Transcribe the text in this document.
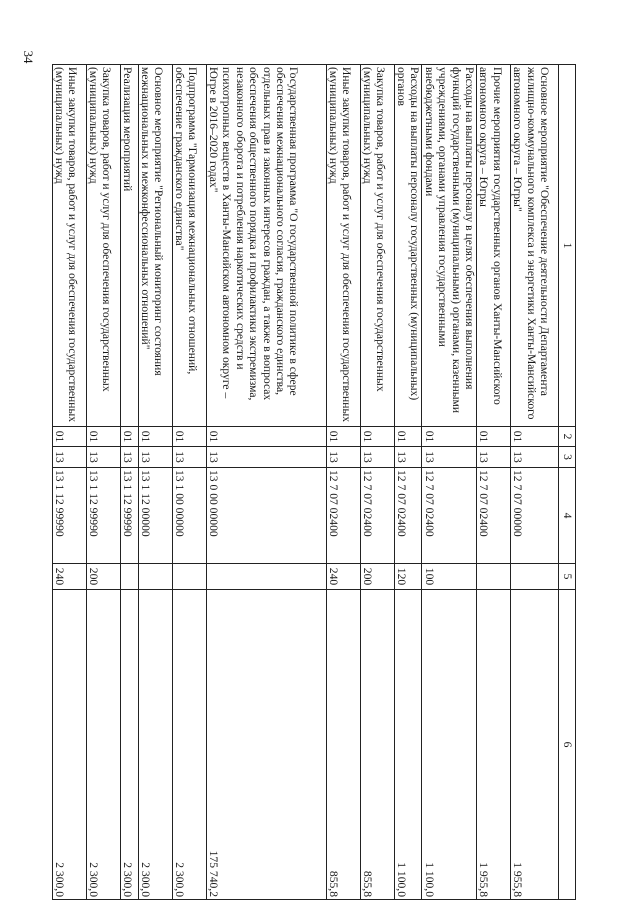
34
1	2	3	4	5	6
Основное мероприятие "Обеспечение деятельности Департамента жилищно-коммунального комплекса и энергетики Ханты-Мансийского автономного округа – Югры"	01	13	12 7 07 00000		1 955,8
Прочие мероприятия государственных органов Ханты-Мансийского автономного округа – Югры	01	13	12 7 07 02400		1 955,8
Расходы на выплаты персоналу в целях обеспечения выполнения функций государственными (муниципальными) органами, казенными учреждениями, органами управления государственными внебюджетными фондами	01	13	12 7 07 02400	100	1 100,0
Расходы на выплаты персоналу государственных (муниципальных) органов	01	13	12 7 07 02400	120	1 100,0
Закупка товаров, работ и услуг для обеспечения государственных (муниципальных) нужд	01	13	12 7 07 02400	200	855,8
Иные закупки товаров, работ и услуг для обеспечения государственных (муниципальных) нужд	01	13	12 7 07 02400	240	855,8
Государственная программа "О государственной политике в сфере обеспечения межнационального согласия, гражданского единства, отдельных прав и законных интересов граждан, а также в вопросах обеспечения общественного порядка и профилактики экстремизма, незаконного оборота и потребления наркотических средств и психотропных веществ в Ханты-Мансийском автономном округе – Югре в 2016–2020 годах"	01	13	13 0 00 00000		175 740,2
Подпрограмма "Гармонизация межнациональных отношений, обеспечение гражданского единства"	01	13	13 1 00 00000		2 300,0
Основное мероприятие "Региональный мониторинг состояния межнациональных и межконфессиональных отношений"	01	13	13 1 12 00000		2 300,0
Реализация мероприятий	01	13	13 1 12 99990		2 300,0
Закупка товаров, работ и услуг для обеспечения государственных (муниципальных) нужд	01	13	13 1 12 99990	200	2 300,0
Иные закупки товаров, работ и услуг для обеспечения государственных (муниципальных) нужд	01	13	13 1 12 99990	240	2 300,0
